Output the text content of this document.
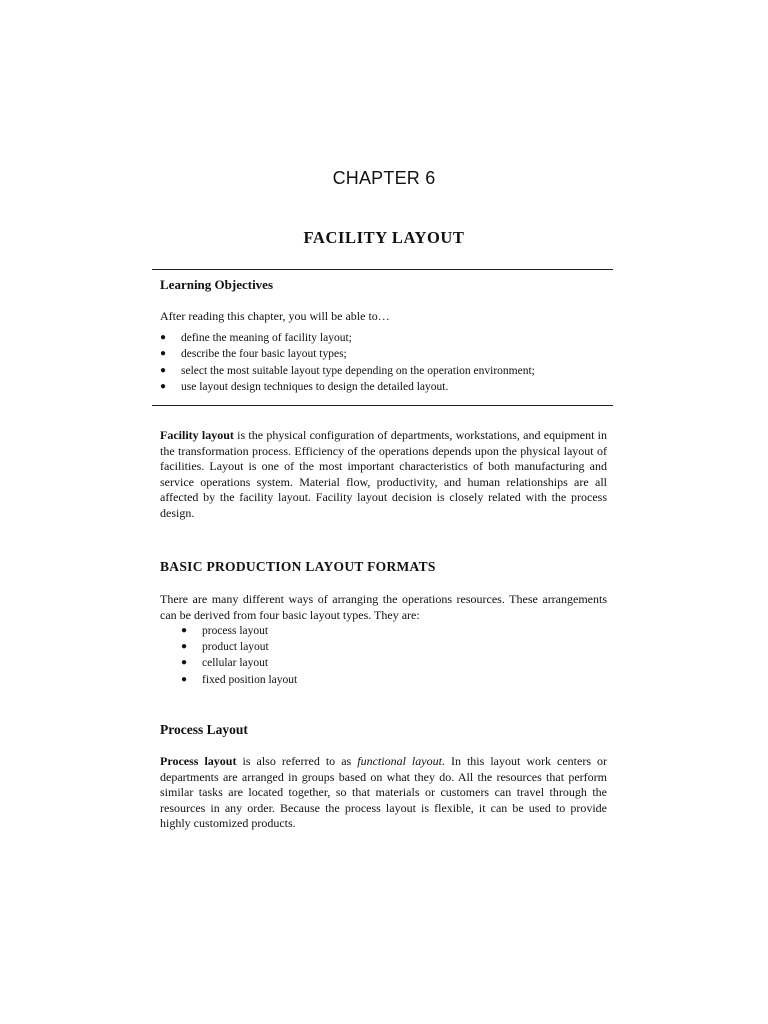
CHAPTER 6
FACILITY LAYOUT

Learning Objectives

After reading this chapter, you will be able to…

● define the meaning of facility layout;
● describe the four basic layout types;
● select the most suitable layout type depending on the operation environment;
● use layout design techniques to design the detailed layout.

Facility layout is the physical configuration of departments, workstations, and equipment in the transformation process. Efficiency of the operations depends upon the physical layout of facilities. Layout is one of the most important characteristics of both manufacturing and service operations system. Material flow, productivity, and human relationships are all affected by the facility layout. Facility layout decision is closely related with the process design.

BASIC PRODUCTION LAYOUT FORMATS

There are many different ways of arranging the operations resources. These arrangements can be derived from four basic layout types. They are:

● process layout
● product layout
● cellular layout
● fixed position layout

Process Layout

Process layout is also referred to as functional layout. In this layout work centers or departments are arranged in groups based on what they do. All the resources that perform similar tasks are located together, so that materials or customers can travel through the resources in any order. Because the process layout is flexible, it can be used to provide highly customized products.
